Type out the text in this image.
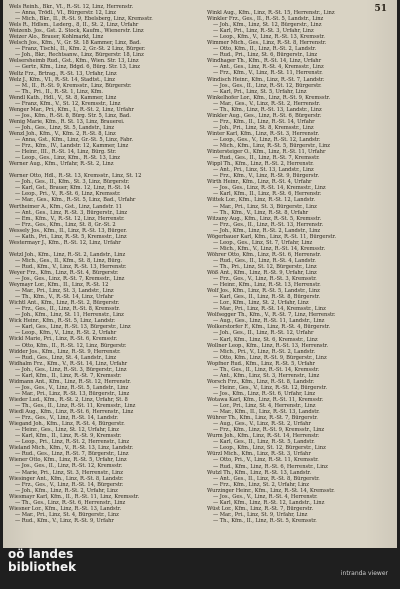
51
Wels Reinh., Bkr., VI., R.-St. 12, Linz, Herrenstr.
— Anna, Trödl., VI., Bürgerstr. 12, Linz
— Mich., Bkr., II., R.-St. 9, Ebelsberg, Linz, Kremsstr.
Wels R., Hdlsm., Lederg., 8, II., St. 2, Linz, Urfahr
Weizenb. Jos., Gst. 2. Stock, Kaufm., Wienerstr. Linz
Weizer Alo., Brauer, Kohlmarkt, Linz
Welsch Jos., Kfm., V., Gr. St. 18 Kammer, Linz, Bad.
— Franz, Tischl., II., Kfm. 2, Gr.-St. 2 Linz, Bürger.
— Joh., Bkr., Rechtsanw., Linz, Bürgerstr. 18, Linz
Welsersheimb Rud., Gst., Kfm., Wien. Str. 13, Linz
— Gertr., Kfm., Linz, Bdgd. 6, Bürg. Str. 13, Linz
Weltz Frz., Brtrag., R.-St. 13, Urfahr, Linz
Welz J., Kfm., VI., R.-St. 14, Stadtst., Linz
— M., II., R.-St. 9, Kremsstr., Linz, Bürgerstr.
— Th., Pri., II., R.-St. 1, Linz, Kfm.
Wendl Kath., Hdl., V., St. 8, Kammer, Linz
— Franz, Kfm., V., St. 12, Kremsstr., Linz
Wenger Mar., Pri., Kfm., I., R.-St. 2, Linz, Urfahr
— Jos., Kfm., R.-St. 8, Bürg. Str. 5, Linz, Bad.
Wenig Marie, Kfm., R. St. 13, Linz, Brauerei.
— Joh., Ges., Linz, St. 5, Landstr., Linz
Wenzl Joh., Kfm., V., Kfm. 2, R.-St. 8, Linz
— Anna, Gst., Kfm., Linz, Gr.-St. 5, Linz, Fabr.
— Frz., Kfm., IV., Landstr. 12, Kammer, Linz
— Heinr., III., R.-St. 14, Linz, Bürg. Str.
— Leop., Ges., Linz, Kfm., R.-St. 13, Linz
Werner Aug., Kfm., Urfahr, R.-St. 2, Linz
Werner Otto, Hdl., R.-St. 13, Kremsstr., Linz, St. 12
— Joh., Ges., II., Kfm., St. 3, Linz, Bürgerstr.
— Karl, Gst., Brauer, Kfm. 12, Linz, R.-St. 14
— Leop., Pri., V., R.-St. 6, Linz, Kremsstr.
— Mar., Ges., Kfm., R.-St. 5, Linz, Bad., Urfahr
Wertheimer A., Kfm., Gst., Linz, Landstr. 11
— Ant., Ges., Linz, R.-St. 3, Bürgerstr., Linz
— Em., Kfm., V., R.-St. 12, Linz, Herrenstr.
— Frz., Ges., Kfm., Linz, St. 8, Gr.-St. 2
Wessely Jos., Kfm., II., Linz, R.-St. 13, Bürger.
— Kath., Pri., Linz, R.-St. 5, Kremsstr., Linz
Westermayr J., Kfm., R.-St. 12, Linz, Urfahr
Wetzl Joh., Kfm., Linz, R.-St. 2, Landstr., Linz
— Mich., Ges., II., Kfm., St. 8, Linz, Bürg.
— Rud., Kfm., V., Linz, R.-St. 13, Herrenstr.
Weyer Frz., Kfm., Linz, R.-St. 4, Bürgerstr.
— Jos., Ges., Linz, R.-St. 7, Kremsstr., Linz
Weymayr Lor., Kfm., II., Linz, R.-St. 12
— Mar., Pri., Linz, St. 3, Landstr., Linz
— Th., Kfm., V., R.-St. 14, Linz, Urfahr
Wichtl Ant., Kfm., Linz, R.-St. 2, Bürgerstr.
— Frz., Ges., II., Linz, R.-St. 8, Kremsstr.
— Joh., Kfm., Linz, St. 11, Herrenstr., Linz
Wick Heinr., Kfm., R.-St. 5, Linz, Landstr.
— Karl, Ges., Linz, R.-St. 13, Bürgerstr., Linz
— Leop., Kfm., V., Linz, R.-St. 2, Urfahr
Wickl Marie, Pri., Linz, R.-St. 6, Kremsstr.
— Otto, Kfm., II., R.-St. 12, Linz, Bürgerstr.
Widder Jos., Kfm., Linz, R.-St. 9, Herrenstr.
— Rud., Ges., Linz, St. 4, Landstr., Linz
Widhalm Frz., Kfm., V., R.-St. 14, Linz, Urfahr
— Joh., Ges., Linz, R.-St. 3, Bürgerstr., Linz
— Karl, Kfm., II., Linz, R.-St. 7, Kremsstr.
Widmann Ant., Kfm., Linz, R.-St. 12, Herrenstr.
— Jos., Ges., V., Linz, R.-St. 5, Landstr., Linz
— Mar., Pri., Linz, R.-St. 13, Bürgerstr., Linz
Wieder Lud., Kfm., R.-St. 2, Linz, Urfahr, St. 8
— Th., Ges., II., Linz, R.-St. 11, Kremsstr., Linz
Wiedl Aug., Kfm., Linz, R.-St. 6, Herrenstr., Linz
— Frz., Ges., V., Linz, R.-St. 14, Landstr.
Wiegand Joh., Kfm., Linz, R.-St. 4, Bürgerstr.
— Heinr., Ges., Linz, St. 12, Urfahr, Linz
— Karl, Kfm., II., Linz, R.-St. 9, Kremsstr.
— Leop., Pri., Linz, R.-St. 2, Herrenstr., Linz
Wieland Mich., Kfm., V., R.-St. 13, Linz, Landstr.
— Rud., Ges., Linz, R.-St. 7, Bürgerstr., Linz
Wiener Otto, Kfm., Linz, R.-St. 5, Urfahr, Linz
— Jos., Ges., II., Linz, R.-St. 12, Kremsstr.
— Marie, Pri., Linz, St. 3, Herrenstr., Linz
Wiesinger Ant., Kfm., Linz, R.-St. 8, Landstr.
— Frz., Ges., V., Linz, R.-St. 14, Bürgerstr.
— Joh., Kfm., Linz, R.-St. 2, Urfahr, Linz
Wiesmayr Karl, Kfm., II., R.-St. 11, Linz, Kremsstr.
— Th., Ges., Linz, R.-St. 6, Herrenstr., Linz
Wiesner Lor., Kfm., Linz, R.-St. 13, Landstr.
— Mar., Pri., Linz, St. 4, Bürgerstr., Linz
— Rud., Kfm., V., Linz, R.-St. 9, Urfahr
Winkl Aug., Kfm., Linz, R.-St. 15, Herrenstr., Linz
Winkler Frz., Ges., II., R.-St. 5, Landstr., Linz
— Joh., Kfm., Linz, St. 12, Bürgerstr., Linz
— Karl, Pri., Linz, R.-St. 3, Urfahr, Linz
— Leop., Kfm., V., Linz, R.-St. 13, Kremsstr.
Wimmer Mich., Ges., Linz, R.-St. 8, Herrenstr.
— Otto, Kfm., II., Linz, R.-St. 2, Landstr.
— Rud., Pri., Linz, St. 6, Bürgerstr., Linz
Windhager Th., Kfm., R.-St. 14, Linz, Urfahr
— Ant., Ges., Linz, R.-St. 4, Kremsstr., Linz
— Frz., Kfm., V., Linz, R.-St. 11, Herrenstr.
Windisch Heinr., Kfm., Linz, R.-St. 7, Landstr.
— Jos., Ges., II., Linz, R.-St. 12, Bürgerstr.
— Karl, Pri., Linz, St. 5, Urfahr, Linz
Winkelhofer Lor., Kfm., Linz, R.-St. 9, Kremsstr.
— Mar., Ges., V., Linz, R.-St. 2, Herrenstr.
— Th., Kfm., Linz, R.-St. 13, Landstr., Linz
Winkler Aug., Ges., Linz, R.-St. 6, Bürgerstr.
— Frz., Kfm., II., Linz, R.-St. 14, Urfahr
— Joh., Pri., Linz, St. 8, Kremsstr., Linz
Winter Karl, Kfm., Linz, R.-St. 3, Herrenstr.
— Leop., Ges., V., Linz, R.-St. 12, Landstr.
— Mich., Kfm., Linz, R.-St. 5, Bürgerstr., Linz
Wintersteiger O., Kfm., Linz, R.-St. 11, Urfahr
— Rud., Ges., II., Linz, R.-St. 7, Kremsstr.
Wippl Th., Kfm., Linz, R.-St. 2, Herrenstr.
— Ant., Pri., Linz, St. 13, Landstr., Linz
— Frz., Kfm., V., Linz, R.-St. 9, Bürgerstr.
Wirth Heinr., Kfm., Linz, R.-St. 4, Urfahr
— Jos., Ges., Linz, R.-St. 14, Kremsstr., Linz
— Karl, Kfm., II., Linz, R.-St. 6, Herrenstr.
Wittek Lor., Kfm., Linz, R.-St. 12, Landstr.
— Mar., Pri., Linz, St. 3, Bürgerstr., Linz
— Th., Kfm., V., Linz, R.-St. 8, Urfahr
Witzany Aug., Kfm., Linz, R.-St. 5, Kremsstr.
— Frz., Ges., II., Linz, R.-St. 13, Herrenstr.
— Joh., Kfm., Linz, R.-St. 2, Landstr., Linz
Wögerbauer Karl, Kfm., Linz, R.-St. 11, Bürgerstr.
— Leop., Ges., Linz, St. 7, Urfahr, Linz
— Mich., Kfm., V., Linz, R.-St. 14, Kremsstr.
Wöhrer Otto, Kfm., Linz, R.-St. 6, Herrenstr.
— Rud., Ges., II., Linz, R.-St. 4, Landstr.
— Th., Pri., Linz, St. 12, Bürgerstr., Linz
Wöß Ant., Kfm., Linz, R.-St. 9, Urfahr, Linz
— Frz., Ges., V., Linz, R.-St. 3, Kremsstr.
— Heinr., Kfm., Linz, R.-St. 13, Herrenstr.
Wolf Jos., Kfm., Linz, R.-St. 5, Landstr., Linz
— Karl, Ges., II., Linz, R.-St. 8, Bürgerstr.
— Lor., Kfm., Linz, St. 2, Urfahr, Linz
— Mar., Pri., Linz, R.-St. 14, Kremsstr., Linz
Wolfsegger Th., Kfm., V., R.-St. 7, Linz, Herrenstr.
— Aug., Ges., Linz, R.-St. 11, Landstr., Linz
Wolkerstorfer F., Kfm., Linz, R.-St. 4, Bürgerstr.
— Joh., Ges., II., Linz, R.-St. 12, Urfahr
— Karl, Kfm., Linz, St. 6, Kremsstr., Linz
Wollner Leop., Kfm., Linz, R.-St. 13, Herrenstr.
— Mich., Pri., V., Linz, R.-St. 2, Landstr.
— Otto, Kfm., Linz, R.-St. 9, Bürgerstr., Linz
Wopfner Rud., Kfm., Linz, R.-St. 5, Urfahr
— Th., Ges., II., Linz, R.-St. 14, Kremsstr.
— Ant., Kfm., Linz, St. 3, Herrenstr., Linz
Worsch Frz., Kfm., Linz, R.-St. 8, Landstr.
— Heinr., Ges., V., Linz, R.-St. 12, Bürgerstr.
— Jos., Kfm., Linz, R.-St. 6, Urfahr, Linz
Wotawa Karl, Kfm., Linz, R.-St. 11, Kremsstr.
— Lor., Pri., Linz, St. 4, Herrenstr., Linz
— Mar., Kfm., II., Linz, R.-St. 13, Landstr.
Wührer Th., Kfm., Linz, R.-St. 7, Bürgerstr.
— Aug., Ges., V., Linz, R.-St. 2, Urfahr
— Frz., Kfm., Linz, R.-St. 9, Kremsstr., Linz
Wurm Joh., Kfm., Linz, R.-St. 14, Herrenstr.
— Karl, Ges., II., Linz, R.-St. 5, Landstr.
— Leop., Kfm., Linz, St. 12, Bürgerstr., Linz
Würzl Mich., Kfm., Linz, R.-St. 3, Urfahr
— Otto, Pri., V., Linz, R.-St. 11, Kremsstr.
— Rud., Kfm., Linz, R.-St. 6, Herrenstr., Linz
Wutzl Th., Kfm., Linz, R.-St. 13, Landstr.
— Ant., Ges., II., Linz, R.-St. 8, Bürgerstr.
— Frz., Kfm., Linz, St. 2, Urfahr, Linz
Wurzinger Heinr., Kfm., Linz, R.-St. 14, Kremsstr.
— Jos., Ges., V., Linz, R.-St. 4, Herrenstr.
— Karl, Kfm., Linz, R.-St. 12, Landstr., Linz
Wüst Lor., Kfm., Linz, R.-St. 7, Bürgerstr.
— Mar., Pri., Linz, St. 9, Urfahr, Linz
— Th., Kfm., II., Linz, R.-St. 5, Kremsstr.
oö landes
bibliothek	intranda viewer
